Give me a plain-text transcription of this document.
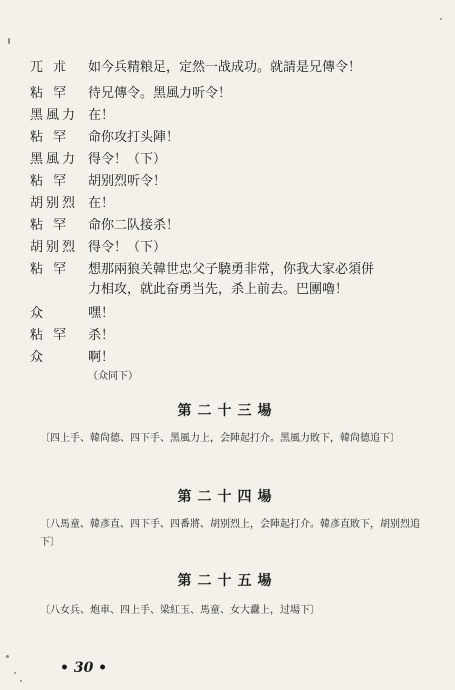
兀 朮	如今兵精粮足，定然一战成功。就請是兄傳令！
粘 罕	待兄傳令。黑風力听令！
黑風力 在！
粘 罕	命你攻打头陣！
黑風力 得令！（下）
粘 罕	胡别烈听令！
胡别烈 在！
粘 罕	命你二队接杀！
胡别烈 得令！（下）
粘 罕	想那兩狼关韓世忠父子驍勇非常，你我大家必須併
力相攻，就此奋勇当先，杀上前去。巴團嚕！
众	嘿！
粘 罕	杀！
众	啊！
（众同下）
第二十三場
〔四上手、韓尙德、四下手、黑風力上，会陣起打介。黑風力敗下，韓尙德追下〕
第二十四場
〔八馬童、韓彥直、四下手、四番將、胡别烈上，会陣起打介。韓彥直敗下，胡别烈追下〕
第二十五場
〔八女兵、炮車、四上手、梁紅玉、馬童、女大纛上，过場下〕
• 30 •
